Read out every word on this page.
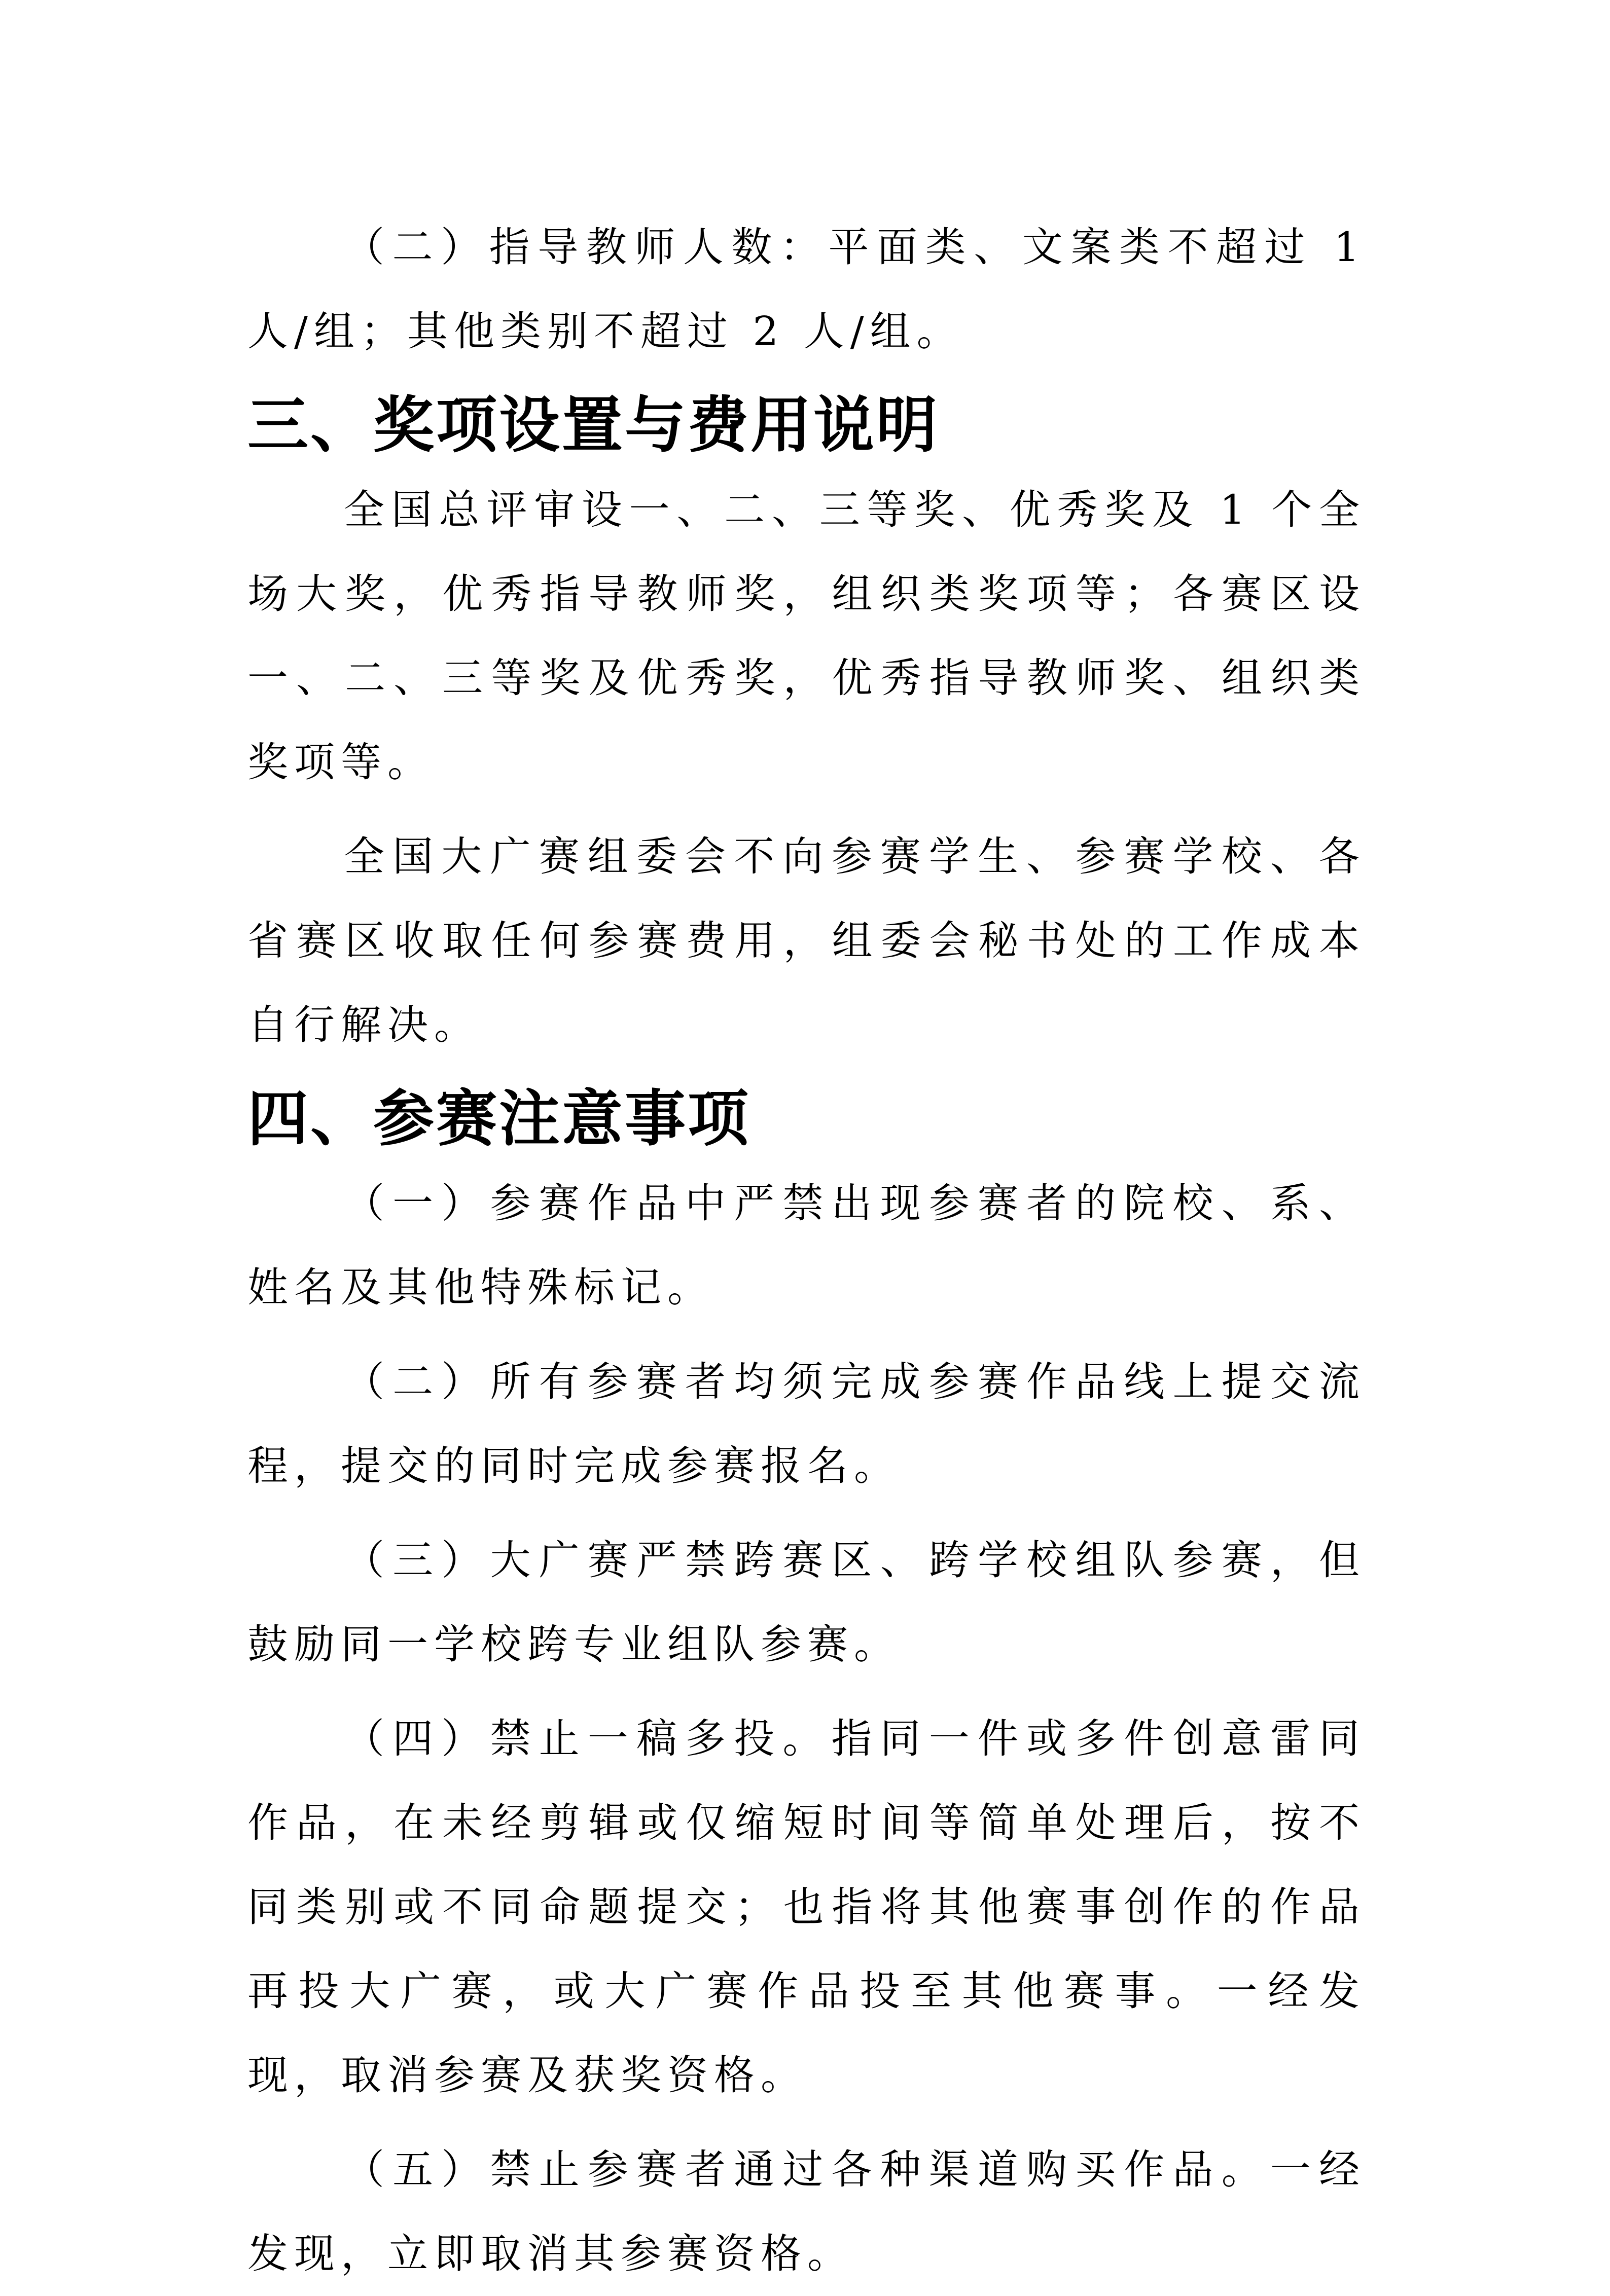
（二）指导教师人数：平面类、文案类不超过 1 人/组；其他类别不超过 2 人/组。

三、奖项设置与费用说明

全国总评审设一、二、三等奖、优秀奖及 1 个全场大奖，优秀指导教师奖，组织类奖项等；各赛区设一、二、三等奖及优秀奖，优秀指导教师奖、组织类奖项等。

全国大广赛组委会不向参赛学生、参赛学校、各省赛区收取任何参赛费用，组委会秘书处的工作成本自行解决。

四、参赛注意事项

（一）参赛作品中严禁出现参赛者的院校、系、姓名及其他特殊标记。

（二）所有参赛者均须完成参赛作品线上提交流程，提交的同时完成参赛报名。

（三）大广赛严禁跨赛区、跨学校组队参赛，但鼓励同一学校跨专业组队参赛。

（四）禁止一稿多投。指同一件或多件创意雷同作品，在未经剪辑或仅缩短时间等简单处理后，按不同类别或不同命题提交；也指将其他赛事创作的作品再投大广赛，或大广赛作品投至其他赛事。一经发现，取消参赛及获奖资格。

（五）禁止参赛者通过各种渠道购买作品。一经发现，立即取消其参赛资格。
